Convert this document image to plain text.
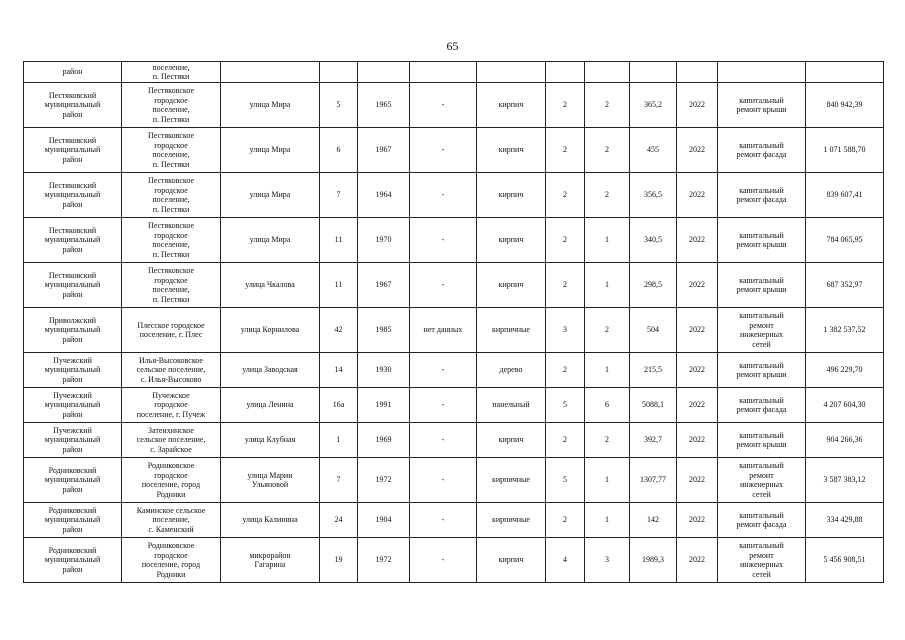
65
район	поселение,
п. Пестяки											
Пестяковский
муниципальный
район	Пестяковское
городское
поселение,
п. Пестяки	улица Мира	5	1965	-	кирпич	2	2	365,2	2022	капитальный
ремонт крыши	840 942,39
Пестяковский
муниципальный
район	Пестяковское
городское
поселение,
п. Пестяки	улица Мира	6	1967	-	кирпич	2	2	455	2022	капитальный
ремонт фасада	1 071 588,70
Пестяковский
муниципальный
район	Пестяковское
городское
поселение,
п. Пестяки	улица Мира	7	1964	-	кирпич	2	2	356,5	2022	капитальный
ремонт фасада	839 607,41
Пестяковский
муниципальный
район	Пестяковское
городское
поселение,
п. Пестяки	улица Мира	11	1970	-	кирпич	2	1	340,5	2022	капитальный
ремонт крыши	784 065,95
Пестяковский
муниципальный
район	Пестяковское
городское
поселение,
п. Пестяки	улица Чкалова	11	1967	-	кирпич	2	1	298,5	2022	капитальный
ремонт крыши	687 352,97
Приволжский
муниципальный
район	Плесское городское
поселение, г. Плес	улица Корнилова	42	1985	нет данных	кирпичные	3	2	504	2022	капитальный
ремонт
инженерных
сетей	1 382 537,52
Пучежский
муниципальный
район	Илья-Высоковское
сельское поселение,
с. Илья-Высоково	улица Заводская	14	1930	-	дерево	2	1	215,5	2022	капитальный
ремонт крыши	496 229,70
Пучежский
муниципальный
район	Пучежское
городское
поселение, г. Пучеж	улица Ленина	16а	1991	-	панельный	5	6	5088,1	2022	капитальный
ремонт фасада	4 207 604,30
Пучежский
муниципальный
район	Затеихинское
сельское поселение,
с. Зарайское	улица Клубная	1	1969	-	кирпич	2	2	392,7	2022	капитальный
ремонт крыши	904 266,36
Родниковский
муниципальный
район	Родниковское
городское
поселение, город
Родники	улица Марии
Ульяновой	7	1972	-	кирпичные	5	1	1307,77	2022	капитальный
ремонт
инженерных
сетей	3 587 383,12
Родниковский
муниципальный
район	Каминское сельское
поселение,
с. Каменский	улица Калинина	24	1904	-	кирпичные	2	1	142	2022	капитальный
ремонт фасада	334 429,88
Родниковский
муниципальный
район	Родниковское
городское
поселение, город
Родники	микрорайон
Гагарина	19	1972	-	кирпич	4	3	1989,3	2022	капитальный
ремонт
инженерных
сетей	5 456 908,51
